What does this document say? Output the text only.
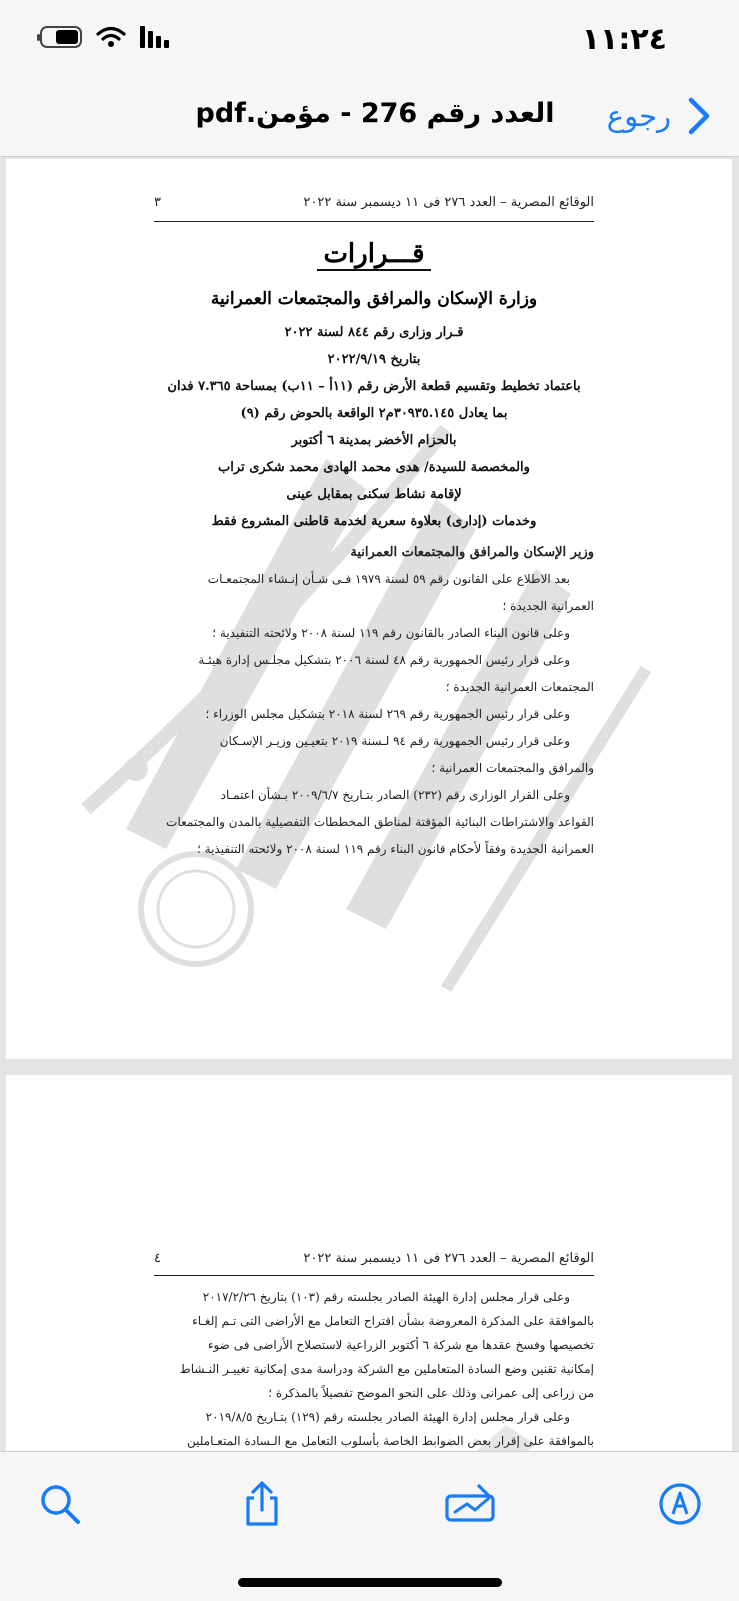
١١:٢٤
العدد رقم 276 - مؤمن.pdf	رجوع
الوقائع المصرية – العدد ٢٧٦ فى ١١ ديسمبر سنة ٢٠٢٢
٣
قـــرارات
وزارة الإسكان والمرافق والمجتمعات العمرانية
قـرار وزارى رقم ٨٤٤ لسنة ٢٠٢٢
بتاريخ ٢٠٢٢/٩/١٩
باعتماد تخطيط وتقسيم قطعة الأرض رقم (١١أ – ١١ب) بمساحة ٧.٣٦٥ فدان
بما يعادل ٣٠٩٣٥.١٤٥م٢ الواقعة بالحوض رقم (٩)
بالحزام الأخضر بمدينة ٦ أكتوبر
والمخصصة للسيدة/ هدى محمد الهادى محمد شكرى تراب
لإقامة نشاط سكنى بمقابل عينى
وخدمات (إدارى) بعلاوة سعرية لخدمة قاطنى المشروع فقط
وزير الإسكان والمرافق والمجتمعات العمرانية
بعد الاطلاع على القانون رقم ٥٩ لسنة ١٩٧٩ فـى شـأن إنـشاء المجتمعـات
العمرانية الجديدة ؛
وعلى قانون البناء الصادر بالقانون رقم ١١٩ لسنة ٢٠٠٨ ولائحته التنفيذية ؛
وعلى قرار رئيس الجمهورية رقم ٤٨ لسنة ٢٠٠٦ بتشكيل مجلـس إدارة هيئـة
المجتمعات العمرانية الجديدة ؛
وعلى قرار رئيس الجمهورية رقم ٢٦٩ لسنة ٢٠١٨ بتشكيل مجلس الوزراء ؛
وعلى قرار رئيس الجمهورية رقم ٩٤ لـسنة ٢٠١٩ بتعيـين وزيـر الإسـكان
والمرافق والمجتمعات العمرانية ؛
وعلى القرار الوزارى رقم (٢٣٢) الصادر بتـاريخ ٢٠٠٩/٦/٧ بـشأن اعتمـاد
القواعد والاشتراطات البنائية المؤقتة لمناطق المخططات التفصيلية بالمدن والمجتمعات
العمرانية الجديدة وفقاً لأحكام قانون البناء رقم ١١٩ لسنة ٢٠٠٨ ولائحته التنفيذية ؛
الوقائع المصرية – العدد ٢٧٦ فى ١١ ديسمبر سنة ٢٠٢٢
٤
وعلى قرار مجلس إدارة الهيئة الصادر بجلسته رقم (١٠٣) بتاريخ ٢٠١٧/٢/٢٦
بالموافقة على المذكرة المعروضة بشأن اقتراح التعامل مع الأراضى التى تـم إلغـاء
تخصيصها وفسخ عقدها مع شركة ٦ أكتوبر الزراعية لاستصلاح الأراضى فى ضوء
إمكانية تقنين وضع السادة المتعاملين مع الشركة ودراسة مدى إمكانية تغييـر النـشاط
من زراعى إلى عمرانى وذلك على النحو الموضح تفصيلاً بالمذكرة ؛
وعلى قرار مجلس إدارة الهيئة الصادر بجلسته رقم (١٢٩) بتـاريخ ٢٠١٩/٨/٥
بالموافقة على إقرار بعض الضوابط الخاصة بأسلوب التعامل مع الـسادة المتعـاملين
